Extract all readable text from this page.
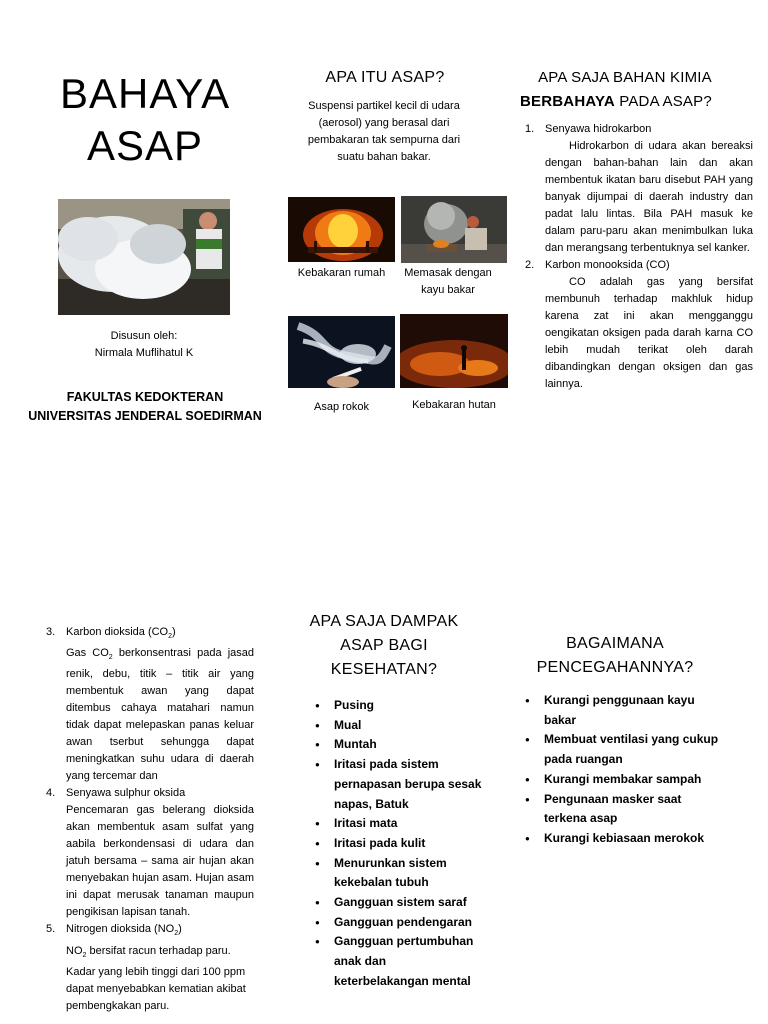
BAHAYA
ASAP
Disusun oleh:
Nirmala Muflihatul K
FAKULTAS KEDOKTERAN
UNIVERSITAS JENDERAL SOEDIRMAN
APA ITU ASAP?
Suspensi partikel kecil di udara (aerosol) yang berasal dari pembakaran tak sempurna dari suatu bahan bakar.
Kebakaran rumah	Memasak dengan kayu bakar
Asap rokok	Kebakaran hutan
APA SAJA BAHAN KIMIA
BERBAHAYA PADA ASAP?
1. Senyawa hidrokarbon
Hidrokarbon di udara akan bereaksi dengan bahan-bahan lain dan akan membentuk ikatan baru disebut PAH yang banyak dijumpai di daerah industry dan padat lalu lintas. Bila PAH masuk ke dalam paru-paru akan menimbulkan luka dan merangsang terbentuknya sel kanker.
2. Karbon monooksida (CO)
CO adalah gas yang bersifat membunuh terhadap makhluk hidup karena zat ini akan mengganggu oengikatan oksigen pada darah karna CO lebih mudah terikat oleh darah dibandingkan dengan oksigen dan gas lainnya.
3. Karbon dioksida $(CO_2)$
Gas $CO_2$ berkonsentrasi pada jasad renik, debu, titik – titik air yang membentuk awan yang dapat ditembus cahaya matahari namun tidak dapat melepaskan panas keluar awan tserbut sehungga dapat meningkatkan suhu udara di daerah yang tercemar dan
4. Senyawa sulphur oksida
Pencemaran gas belerang dioksida akan membentuk asam sulfat yang aabila berkondensasi di udara dan jatuh bersama – sama air hujan akan menyebakan hujan asam. Hujan asam ini dapat merusak tanaman maupun pengikisan lapisan tanah.
5. Nitrogen dioksida $(NO_2)$
$NO_2$ bersifat racun terhadap paru. Kadar yang lebih tinggi dari 100 ppm dapat menyebabkan kematian akibat pembengkakan paru.
APA SAJA DAMPAK ASAP BAGI KESEHATAN?
● Pusing
● Mual
● Muntah
● Iritasi pada sistem pernapasan berupa sesak napas, Batuk
● Iritasi mata
● Iritasi pada kulit
● Menurunkan sistem kekebalan tubuh
● Gangguan sistem saraf
● Gangguan pendengaran
● Gangguan pertumbuhan anak dan keterbelakangan mental
BAGAIMANA PENCEGAHANNYA?
● Kurangi penggunaan kayu bakar
● Membuat ventilasi yang cukup pada ruangan
● Kurangi membakar sampah
● Pengunaan masker saat terkena asap
● Kurangi kebiasaan merokok
